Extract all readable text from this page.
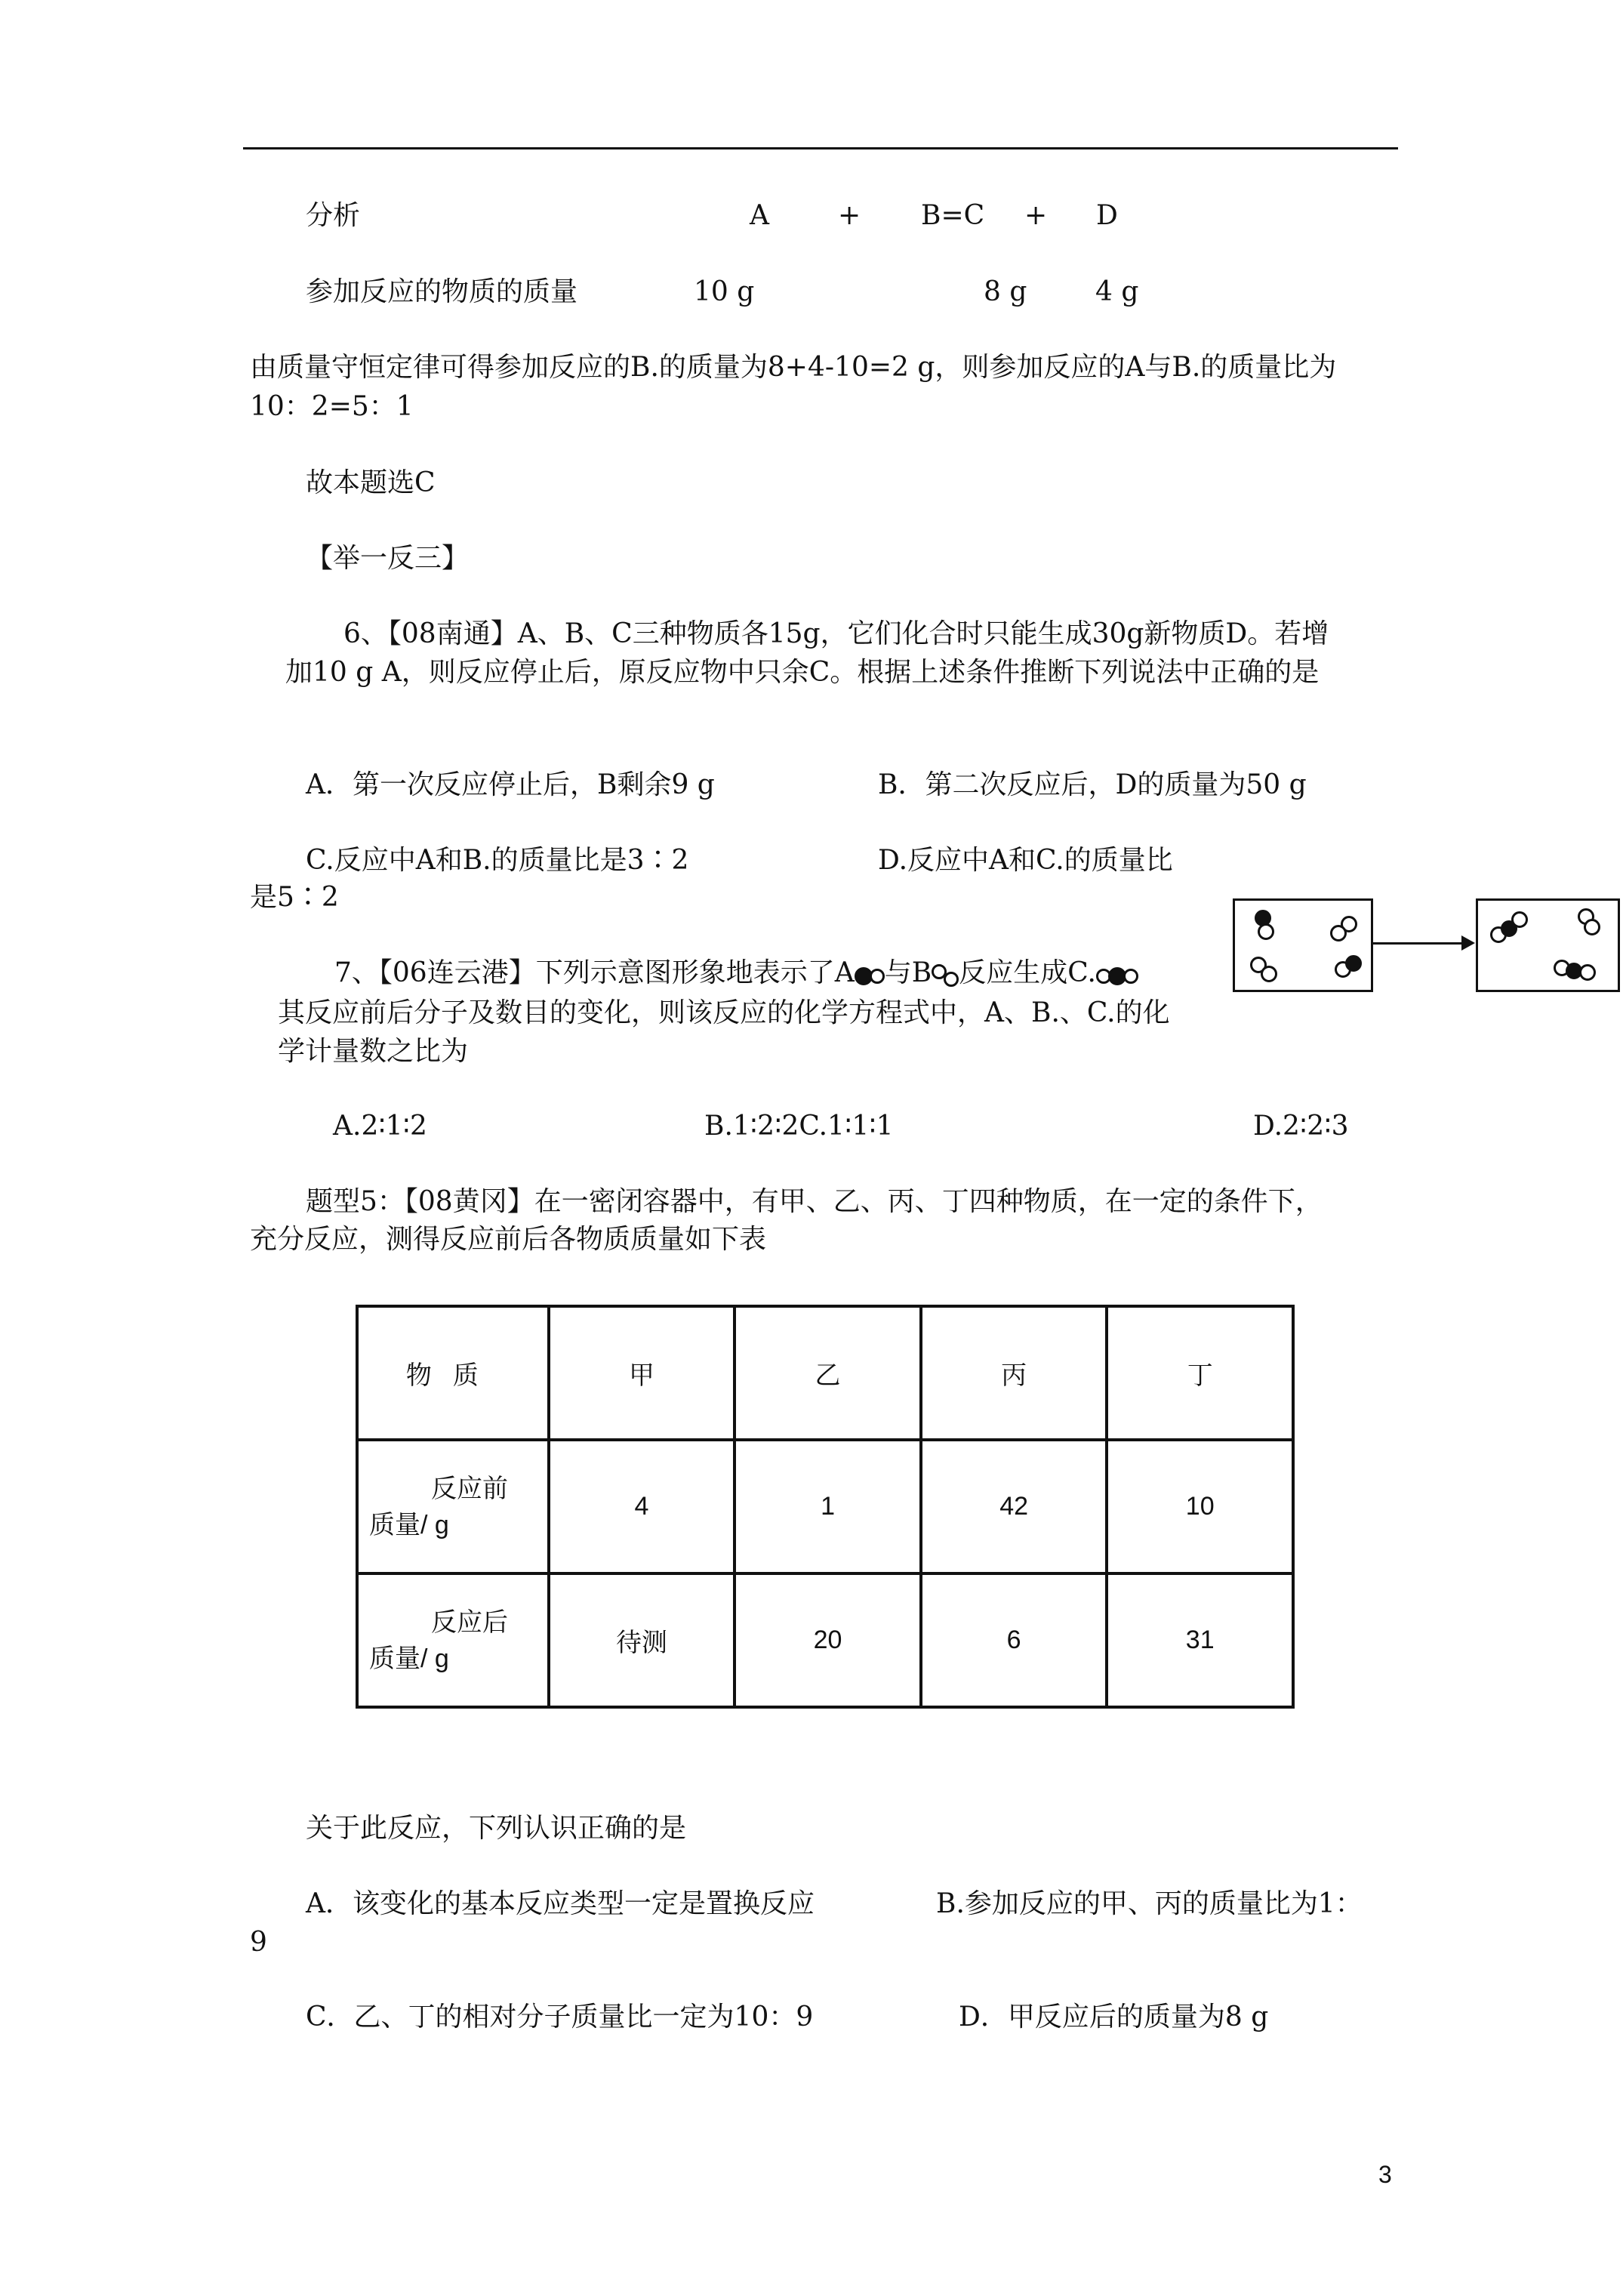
分析	A	+ B=C + D
参加反应的物质的质量	10 g	8 g	4 g
由质量守恒定律可得参加反应的B.的质量为8+4-10=2 g，则参加反应的A与B.的质量比为
10：2=5：1
故本题选C
【举一反三】
6、【08南通】A、B、C三种物质各15g，它们化合时只能生成30g新物质D。若增
加10 g A，则反应停止后，原反应物中只余C。根据上述条件推断下列说法中正确的是
A．第一次反应停止后，B剩余9 g	B．第二次反应后，D的质量为50 g
C.反应中A和B.的质量比是3∶2	D.反应中A和C.的质量比
是5∶2
7、【06连云港】下列示意图形象地表示了A 与B 反应生成C.
其反应前后分子及数目的变化，则该反应的化学方程式中，A、B.、C.的化
学计量数之比为
A.2∶1∶2	B.1∶2∶2C.1∶1∶1	D.2∶2∶3
题型5：【08黄冈】在一密闭容器中，有甲、乙、丙、丁四种物质，在一定的条件下，
充分反应，测得反应前后各物质质量如下表
物质	甲	乙	丙	丁

反应前
质量/ g	4	1	42	10

反应后
质量/ g	待测	20	6	31
关于此反应，下列认识正确的是
A．该变化的基本反应类型一定是置换反应	B.参加反应的甲、丙的质量比为1：
9
C．乙、丁的相对分子质量比一定为10：9	D．甲反应后的质量为8 g
3
